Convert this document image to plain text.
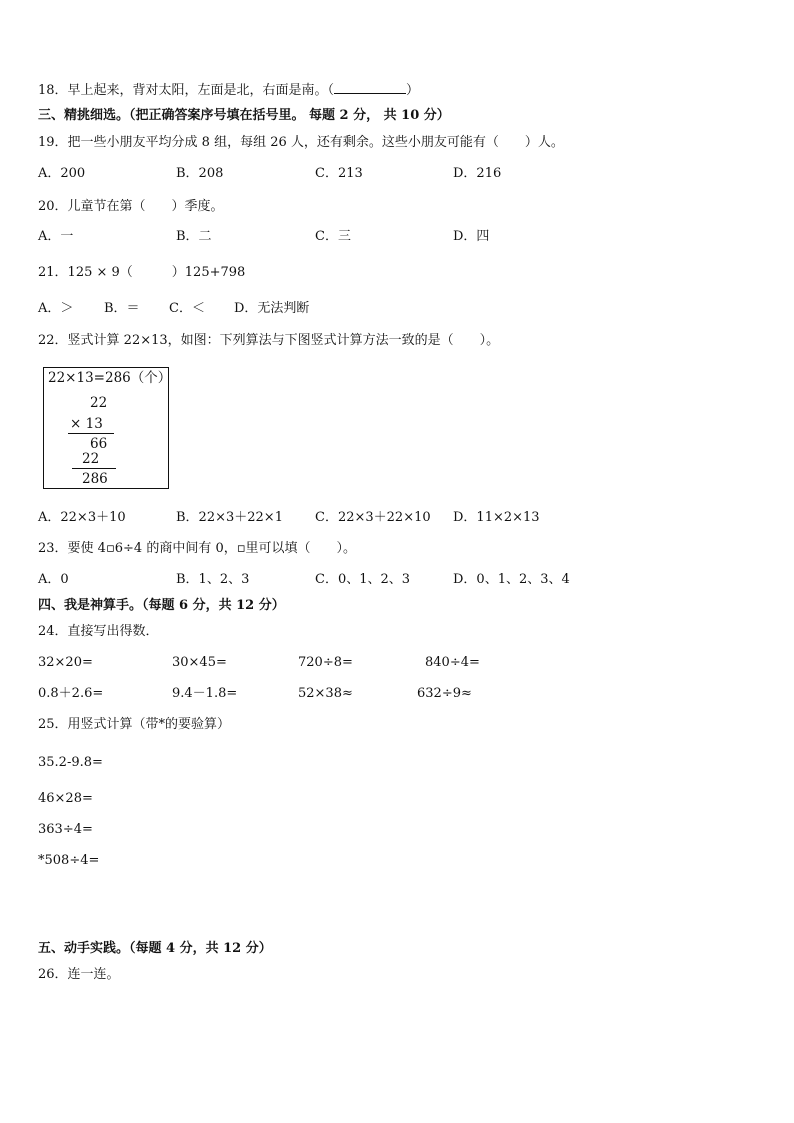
18．早上起来，背对太阳，左面是北，右面是南。（	）
三、精挑细选。（把正确答案序号填在括号里。 每题 2 分， 共 10 分）
19．把一些小朋友平均分成 8 组，每组 26 人，还有剩余。这些小朋友可能有（　　）人。
A．200	B．208	C．213	D．216
20．儿童节在第（　　）季度。
A．一	B．二	C．三	D．四
21．125 × 9（　　　）125+798
A．＞ B．＝ C．＜ D．无法判断
22．竖式计算 22×13，如图：下列算法与下图竖式计算方法一致的是（　　）。
22×13=286（个）
22
× 13
66
22
286
A．22×3＋10	B．22×3＋22×1 C．22×3＋22×10 D．11×2×13
23．要使 4▫6÷4 的商中间有 0，▫里可以填（　　）。
A．0	B．1、2、3	C．0、1、2、3	D．0、1、2、3、4
四、我是神算手。（每题 6 分，共 12 分）
24．直接写出得数．
32×20=	30×45=	720÷8=	840÷4=
0.8＋2.6=	9.4－1.8=	52×38≈	632÷9≈
25．用竖式计算（带*的要验算）
35.2-9.8=
46×28=
363÷4=
*508÷4=
五、动手实践。（每题 4 分，共 12 分）
26．连一连。
